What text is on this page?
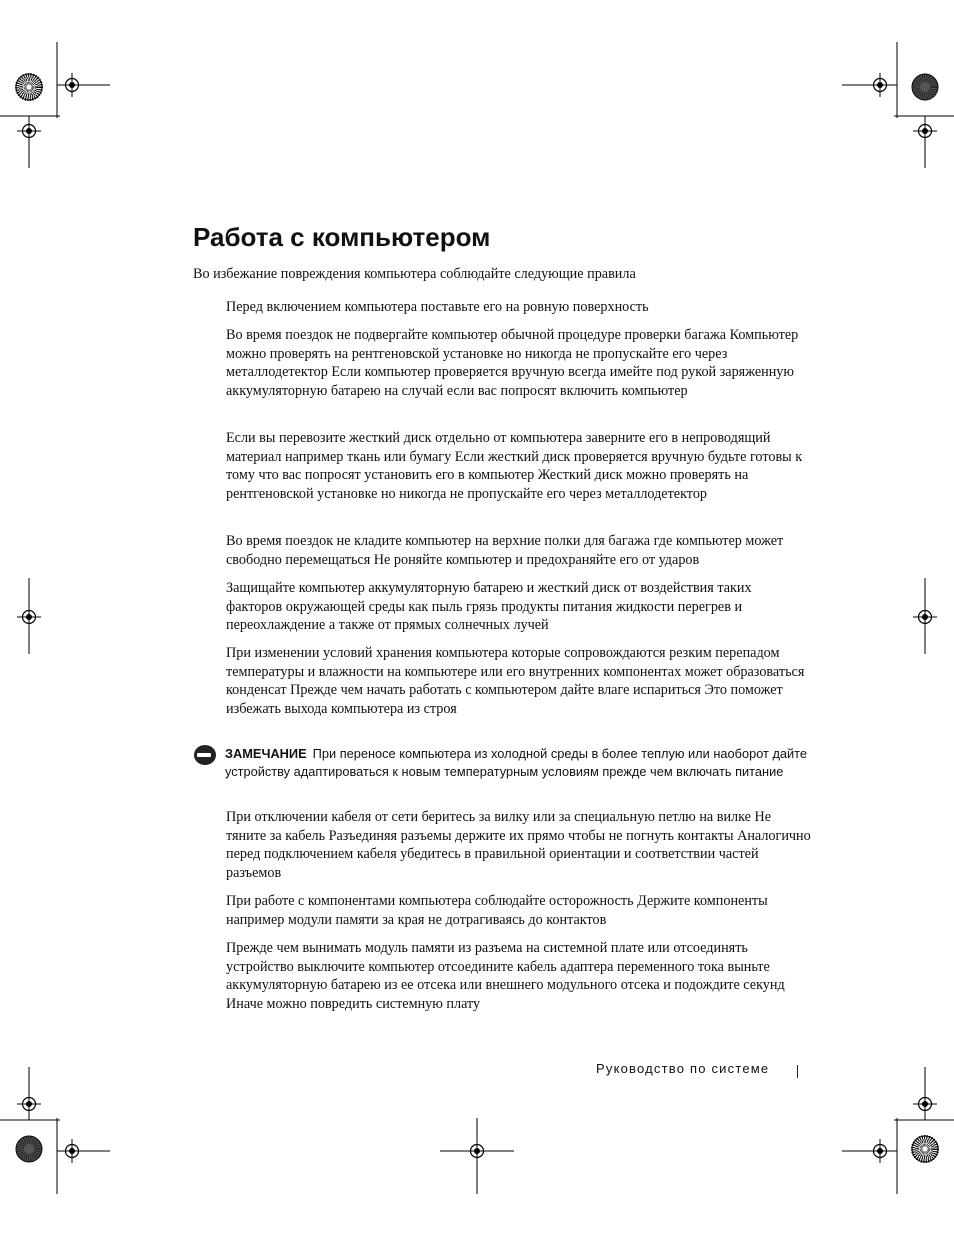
Работа с компьютером

Во избежание повреждения компьютера соблюдайте следующие правила

Перед включением компьютера поставьте его на ровную поверхность

Во время поездок не подвергайте компьютер обычной процедуре проверки багажа Компьютер можно проверять на рентгеновской установке но никогда не пропускайте его через металлодетектор Если компьютер проверяется вручную всегда имейте под рукой заряженную аккумуляторную батарею на случай если вас попросят включить компьютер

Если вы перевозите жесткий диск отдельно от компьютера заверните его в непроводящий материал например ткань или бумагу Если жесткий диск проверяется вручную будьте готовы к тому что вас попросят установить его в компьютер Жесткий диск можно проверять на рентгеновской установке но никогда не пропускайте его через металлодетектор

Во время поездок не кладите компьютер на верхние полки для багажа где компьютер может свободно перемещаться Не роняйте компьютер и предохраняйте его от ударов

Защищайте компьютер аккумуляторную батарею и жесткий диск от воздействия таких факторов окружающей среды как пыль грязь продукты питания жидкости перегрев и переохлаждение а также от прямых солнечных лучей

При изменении условий хранения компьютера которые сопровождаются резким перепадом температуры и влажности на компьютере или его внутренних компонентах может образоваться конденсат Прежде чем начать работать с компьютером дайте влаге испариться Это поможет избежать выхода компьютера из строя

ЗАМЕЧАНИЕ При переносе компьютера из холодной среды в более теплую или наоборот дайте устройству адаптироваться к новым температурным условиям прежде чем включать питание

При отключении кабеля от сети беритесь за вилку или за специальную петлю на вилке Не тяните за кабель Разъединяя разъемы держите их прямо чтобы не погнуть контакты Аналогично перед подключением кабеля убедитесь в правильной ориентации и соответствии частей разъемов

При работе с компонентами компьютера соблюдайте осторожность Держите компоненты например модули памяти за края не дотрагиваясь до контактов

Прежде чем вынимать модуль памяти из разъема на системной плате или отсоединять устройство выключите компьютер отсоедините кабель адаптера переменного тока выньте аккумуляторную батарею из ее отсека или внешнего модульного отсека и подождите секунд Иначе можно повредить системную плату

Руководство по системе
